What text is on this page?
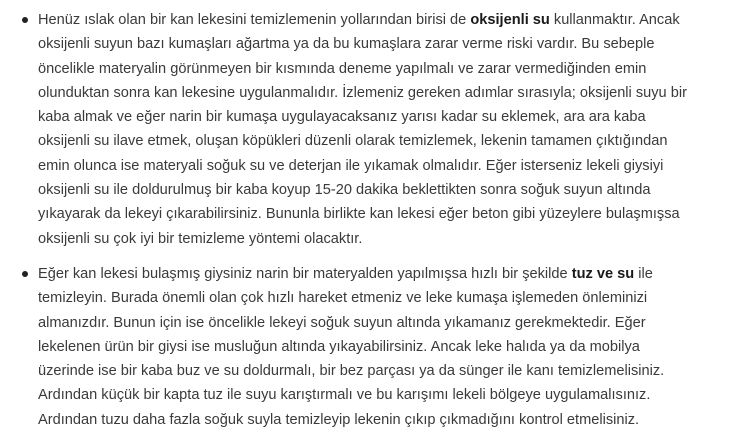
Henüz ıslak olan bir kan lekesini temizlemenin yollarından birisi de oksijenli su kullanmaktır. Ancak
oksijenli suyun bazı kumaşları ağartma ya da bu kumaşlara zarar verme riski vardır. Bu sebeple
öncelikle materyalin görünmeyen bir kısmında deneme yapılmalı ve zarar vermediğinden emin
olunduktan sonra kan lekesine uygulanmalıdır. İzlemeniz gereken adımlar sırasıyla; oksijenli suyu bir
kaba almak ve eğer narin bir kumaşa uygulayacaksanız yarısı kadar su eklemek, ara ara kaba
oksijenli su ilave etmek, oluşan köpükleri düzenli olarak temizlemek, lekenin tamamen çıktığından
emin olunca ise materyali soğuk su ve deterjan ile yıkamak olmalıdır. Eğer isterseniz lekeli giysiyi
oksijenli su ile doldurulmuş bir kaba koyup 15-20 dakika beklettikten sonra soğuk suyun altında
yıkayarak da lekeyi çıkarabilirsiniz. Bununla birlikte kan lekesi eğer beton gibi yüzeylere bulaşmışsa
oksijenli su çok iyi bir temizleme yöntemi olacaktır.
Eğer kan lekesi bulaşmış giysiniz narin bir materyalden yapılmışsa hızlı bir şekilde tuz ve su ile
temizleyin. Burada önemli olan çok hızlı hareket etmeniz ve leke kumaşa işlemeden önleminizi
almanızdır. Bunun için ise öncelikle lekeyi soğuk suyun altında yıkamanız gerekmektedir. Eğer
lekelenen ürün bir giysi ise musluğun altında yıkayabilirsiniz. Ancak leke halıda ya da mobilya
üzerinde ise bir kaba buz ve su doldurmalı, bir bez parçası ya da sünger ile kanı temizlemelisiniz.
Ardından küçük bir kapta tuz ile suyu karıştırmalı ve bu karışımı lekeli bölgeye uygulamalısınız.
Ardından tuzu daha fazla soğuk suyla temizleyip lekenin çıkıp çıkmadığını kontrol etmelisiniz.
